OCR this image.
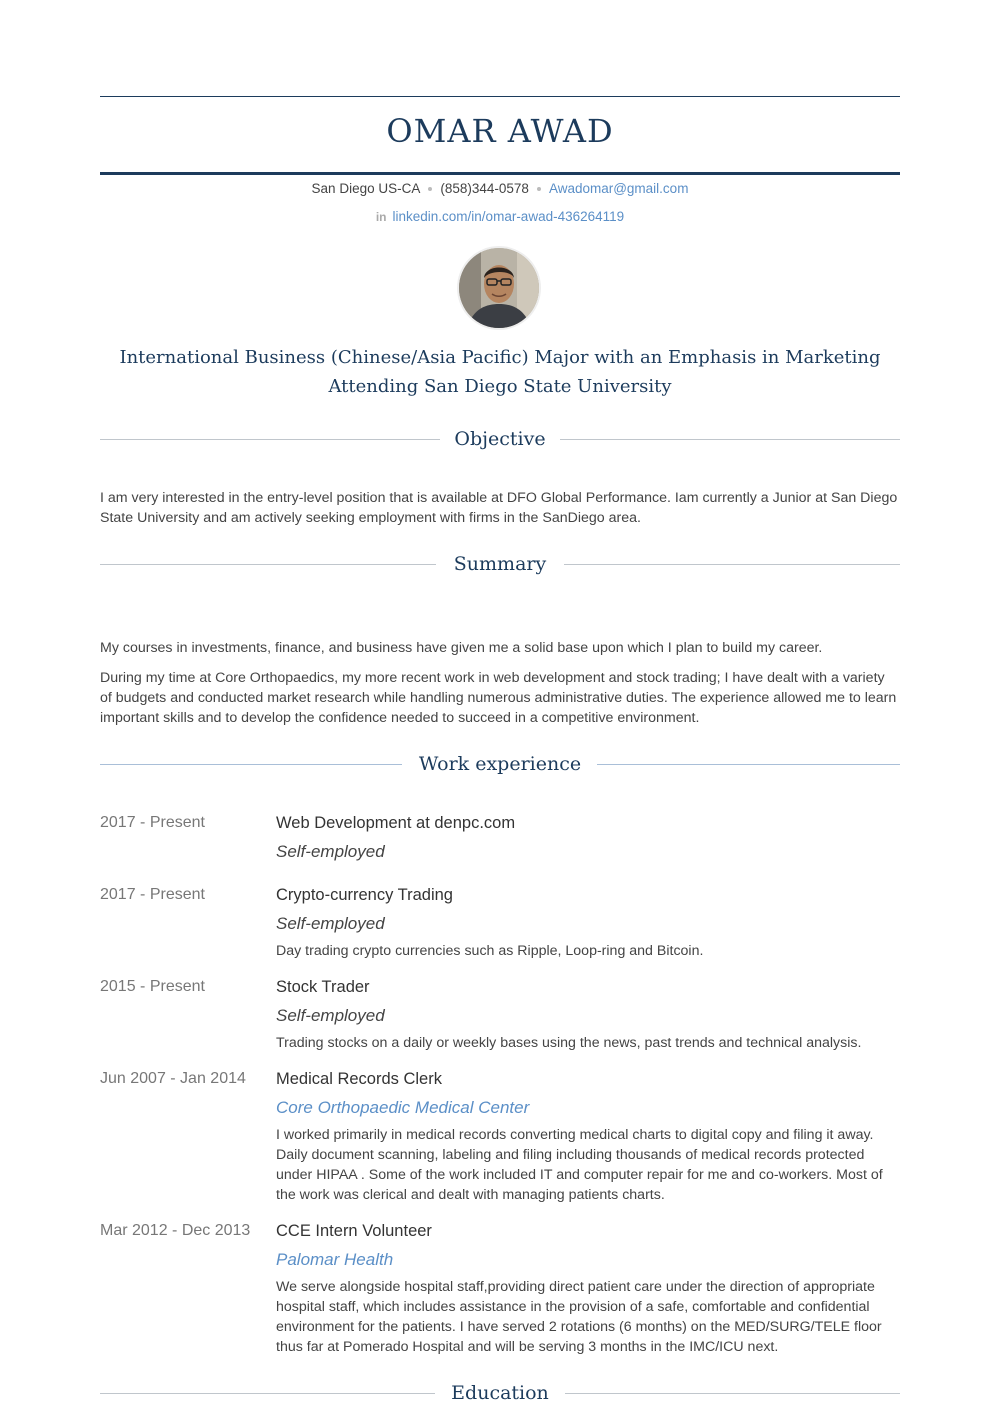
OMAR AWAD
San Diego US-CA (858)344-0578 Awadomar@gmail.com
in linkedin.com/in/omar-awad-436264119
International Business (Chinese/Asia Pacific) Major with an Emphasis in Marketing
Attending San Diego State University
Objective
I am very interested in the entry-level position that is available at DFO Global Performance. Iam currently a Junior at San Diego State University and am actively seeking employment with firms in the SanDiego area.
Summary
My courses in investments, finance, and business have given me a solid base upon which I plan to build my career.
During my time at Core Orthopaedics, my more recent work in web development and stock trading; I have dealt with a variety of budgets and conducted market research while handling numerous administrative duties. The experience allowed me to learn important skills and to develop the confidence needed to succeed in a competitive environment.
Work experience
2017 - Present	Web Development at denpc.com
Self-employed
2017 - Present	Crypto-currency Trading
Self-employed
Day trading crypto currencies such as Ripple, Loop-ring and Bitcoin.
2015 - Present	Stock Trader
Self-employed
Trading stocks on a daily or weekly bases using the news, past trends and technical analysis.
Jun 2007 - Jan 2014 Medical Records Clerk
Core Orthopaedic Medical Center
I worked primarily in medical records converting medical charts to digital copy and filing it away. Daily document scanning, labeling and filing including thousands of medical records protected under HIPAA . Some of the work included IT and computer repair for me and co-workers. Most of the work was clerical and dealt with managing patients charts.
Mar 2012 - Dec 2013 CCE Intern Volunteer
Palomar Health
We serve alongside hospital staff,providing direct patient care under the direction of appropriate hospital staff, which includes assistance in the provision of a safe, comfortable and confidential environment for the patients. I have served 2 rotations (6 months) on the MED/SURG/TELE floor thus far at Pomerado Hospital and will be serving 3 months in the IMC/ICU next.
Education
